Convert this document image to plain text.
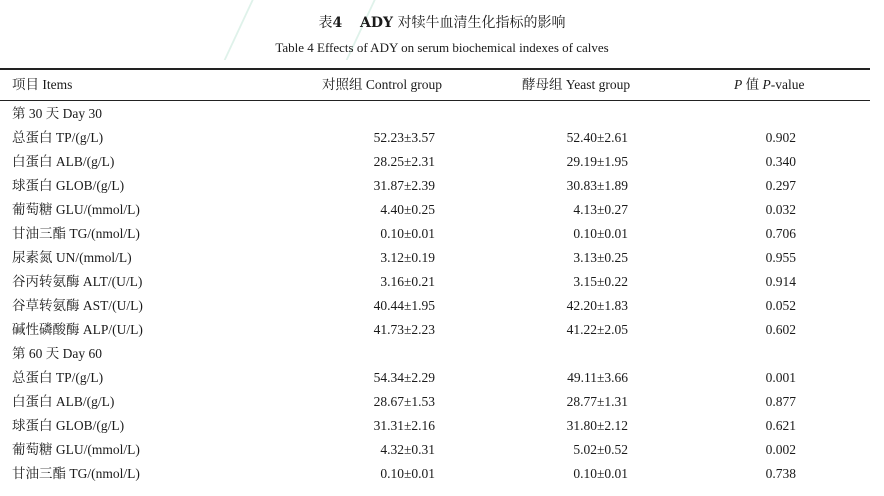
表4 ADY 对犊牛血清生化指标的影响
Table 4 Effects of ADY on serum biochemical indexes of calves
项目 Items	对照组 Control group	酵母组 Yeast group	P 值 P-value
第 30 天 Day 30
总蛋白 TP/(g/L)	52.23±3.57	52.40±2.61	0.902
白蛋白 ALB/(g/L)	28.25±2.31	29.19±1.95	0.340
球蛋白 GLOB/(g/L)	31.87±2.39	30.83±1.89	0.297
葡萄糖 GLU/(mmol/L)	4.40±0.25	4.13±0.27	0.032
甘油三酯 TG/(nmol/L)	0.10±0.01	0.10±0.01	0.706
尿素氮 UN/(mmol/L)	3.12±0.19	3.13±0.25	0.955
谷丙转氨酶 ALT/(U/L)	3.16±0.21	3.15±0.22	0.914
谷草转氨酶 AST/(U/L)	40.44±1.95	42.20±1.83	0.052
碱性磷酸酶 ALP/(U/L)	41.73±2.23	41.22±2.05	0.602
第 60 天 Day 60
总蛋白 TP/(g/L)	54.34±2.29	49.11±3.66	0.001
白蛋白 ALB/(g/L)	28.67±1.53	28.77±1.31	0.877
球蛋白 GLOB/(g/L)	31.31±2.16	31.80±2.12	0.621
葡萄糖 GLU/(mmol/L)	4.32±0.31	5.02±0.52	0.002
甘油三酯 TG/(nmol/L)	0.10±0.01	0.10±0.01	0.738
